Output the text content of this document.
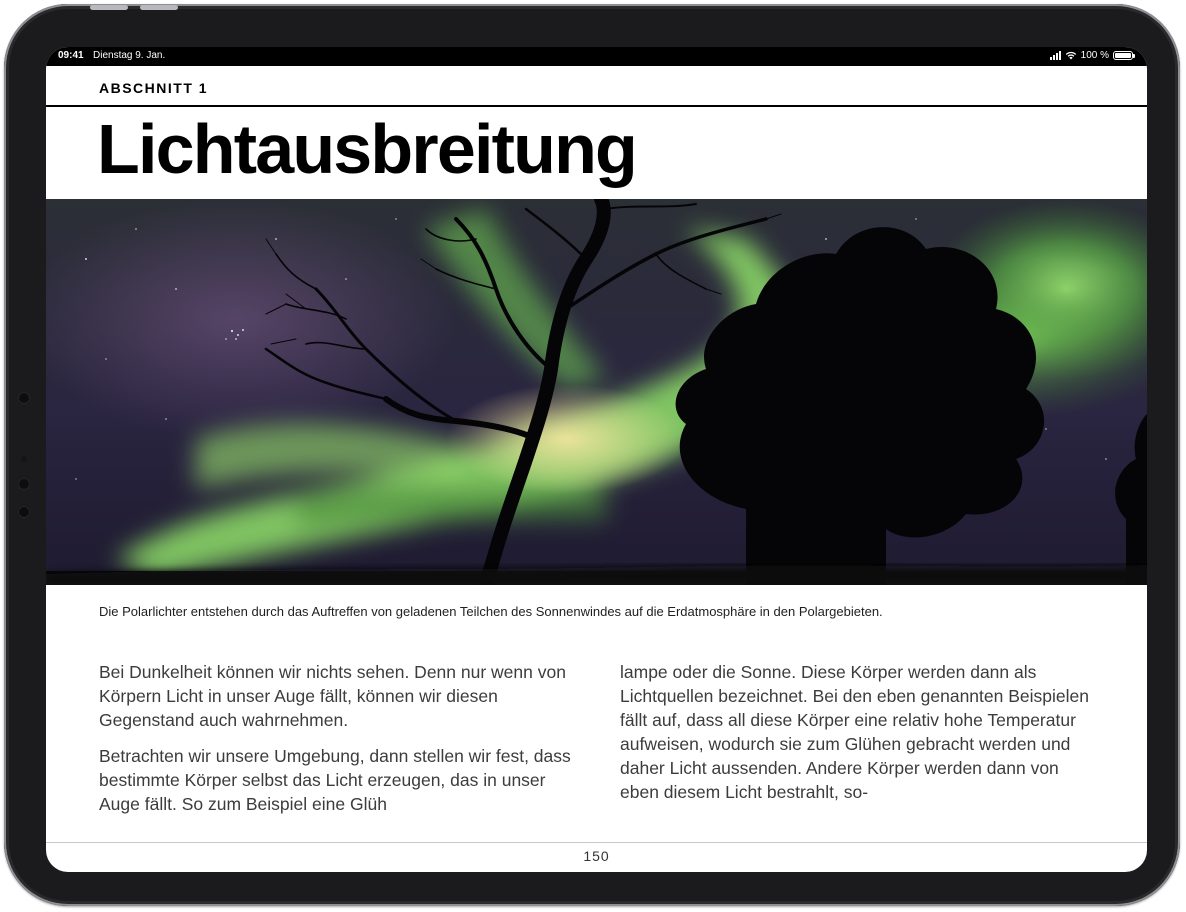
09:41 Dienstag 9. Jan.	100 %
ABSCHNITT 1
Lichtausbreitung
Die Polarlichter entstehen durch das Auftreffen von geladenen Teilchen des Sonnenwindes auf die Erdatmosphäre in den Polargebieten.

Bei Dunkelheit können wir nichts sehen. Denn nur wenn von Körpern Licht in unser Auge fällt, können wir diesen Gegenstand auch wahrnehmen.

Betrachten wir unsere Umgebung, dann stellen wir fest, dass bestimmte Körper selbst das Licht erzeugen, das in unser Auge fällt. So zum Beispiel eine Glüh

lampe oder die Sonne. Diese Körper werden dann als Lichtquellen bezeichnet. Bei den eben genannten Beispielen fällt auf, dass all diese Körper eine relativ hohe Temperatur aufweisen, wodurch sie zum Glühen gebracht werden und daher Licht aussenden. Andere Körper werden dann von eben diesem Licht bestrahlt, so-

150
